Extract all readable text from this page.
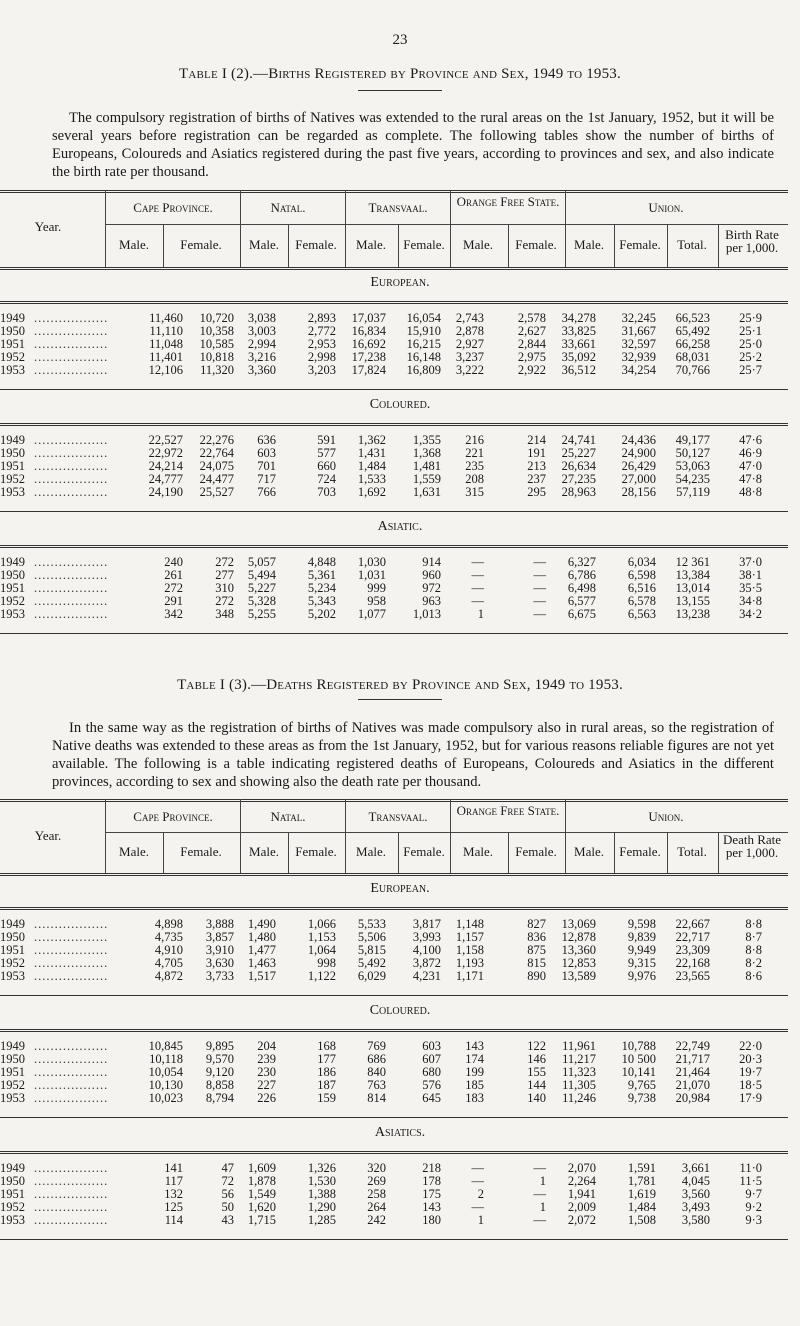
23
Table I (2).—Births Registered by Province and Sex, 1949 to 1953.

The compulsory registration of births of Natives was extended to the rural areas on the 1st January, 1952, but it will be several years before registration can be regarded as complete. The following tables show the number of births of Europeans, Coloureds and Asiatics registered during the past five years, according to provinces and sex, and also indicate the birth rate per thousand.

Year.
Cape Province.	Natal.	Transvaal.	Orange Free State.	Union.
Male.	Female.	Male.	Female.	Male.	Female.	Male.	Female.	Male.	Female.	Total.
Birth Rate per 1,000.
European.
1949 ..................	11,460 10,720 3,038	2,893 17,037 16,054 2,743	2,578 34,278 32,245 66,523 25·9
1950 ..................	11,110 10,358 3,003	2,772 16,834 15,910 2,878	2,627 33,825 31,667 65,492 25·1
1951 ..................	11,048 10,585 2,994	2,953 16,692 16,215 2,927	2,844 33,661 32,597 66,258 25·0
1952 ..................	11,401 10,818 3,216	2,998 17,238 16,148 3,237	2,975 35,092 32,939 68,031 25·2
1953 ..................	12,106 11,320 3,360	3,203 17,824 16,809 3,222	2,922 36,512 34,254 70,766 25·7
Coloured.
1949 ..................	22,527 22,276 636	591 1,362 1,355 216	214 24,741 24,436 49,177 47·6
1950 ..................	22,972 22,764 603	577 1,431 1,368 221	191 25,227 24,900 50,127 46·9
1951 ..................	24,214 24,075 701	660 1,484 1,481 235	213 26,634 26,429 53,063 47·0
1952 ..................	24,777 24,477 717	724 1,533 1,559 208	237 27,235 27,000 54,235 47·8
1953 ..................	24,190 25,527 766	703 1,692 1,631 315	295 28,963 28,156 57,119 48·8
Asiatic.
1949 ..................	240	272 5,057	4,848 1,030	914 —	— 6,327	6,034 12 361 37·0
1950 ..................	261	277 5,494	5,361 1,031	960 —	— 6,786	6,598 13,384 38·1
1951 ..................	272	310 5,227	5,234	999	972 —	— 6,498	6,516 13,014 35·5
1952 ..................	291	272 5,328	5,343	958	963 —	— 6,577	6,578 13,155 34·8
1953 ..................	342	348 5,255	5,202 1,077 1,013	1	— 6,675	6,563 13,238 34·2
Table I (3).—Deaths Registered by Province and Sex, 1949 to 1953.

In the same way as the registration of births of Natives was made compulsory also in rural areas, so the registration of Native deaths was extended to these areas as from the 1st January, 1952, but for various reasons reliable figures are not yet available. The following is a table indicating registered deaths of Europeans, Coloureds and Asiatics in the different provinces, according to sex and showing also the death rate per thousand.

Year.
Cape Province.	Natal.	Transvaal.	Orange Free State.	Union.
Male.	Female.	Male.	Female.	Male.	Female.	Male.	Female.	Male.	Female.	Total.
Death Rate per 1,000.
European.
1949 ..................	4,898 3,888 1,490	1,066 5,533 3,817 1,148	827 13,069	9,598 22,667	8·8
1950 ..................	4,735 3,857 1,480	1,153 5,506 3,993 1,157	836 12,878	9,839 22,717	8·7
1951 ..................	4,910 3,910 1,477	1,064 5,815 4,100 1,158	875 13,360	9,949 23,309	8·8
1952 ..................	4,705 3,630 1,463	998 5,492 3,872 1,193	815 12,853	9,315 22,168	8·2
1953 ..................	4,872 3,733 1,517	1,122 6,029 4,231 1,171	890 13,589	9,976 23,565	8·6
Coloured.
1949 ..................	10,845 9,895 204	168	769	603 143	122 11,961 10,788 22,749 22·0
1950 ..................	10,118 9,570 239	177	686	607 174	146 11,217 10 500 21,717 20·3
1951 ..................	10,054 9,120 230	186	840	680 199	155 11,323 10,141 21,464 19·7
1952 ..................	10,130 8,858 227	187	763	576 185	144 11,305	9,765 21,070 18·5
1953 ..................	10,023 8,794 226	159	814	645 183	140 11,246	9,738 20,984 17·9
Asiatics.
1949 ..................	141	47 1,609	1,326	320	218 —	— 2,070	1,591 3,661 11·0
1950 ..................	117	72 1,878	1,530	269	178 —	1 2,264	1,781 4,045 11·5
1951 ..................	132	56 1,549	1,388	258	175	2	— 1,941	1,619 3,560	9·7
1952 ..................	125	50 1,620	1,290	264	143 —	1 2,009	1,484 3,493	9·2
1953 ..................	114	43 1,715	1,285	242	180	1	— 2,072	1,508 3,580	9·3
